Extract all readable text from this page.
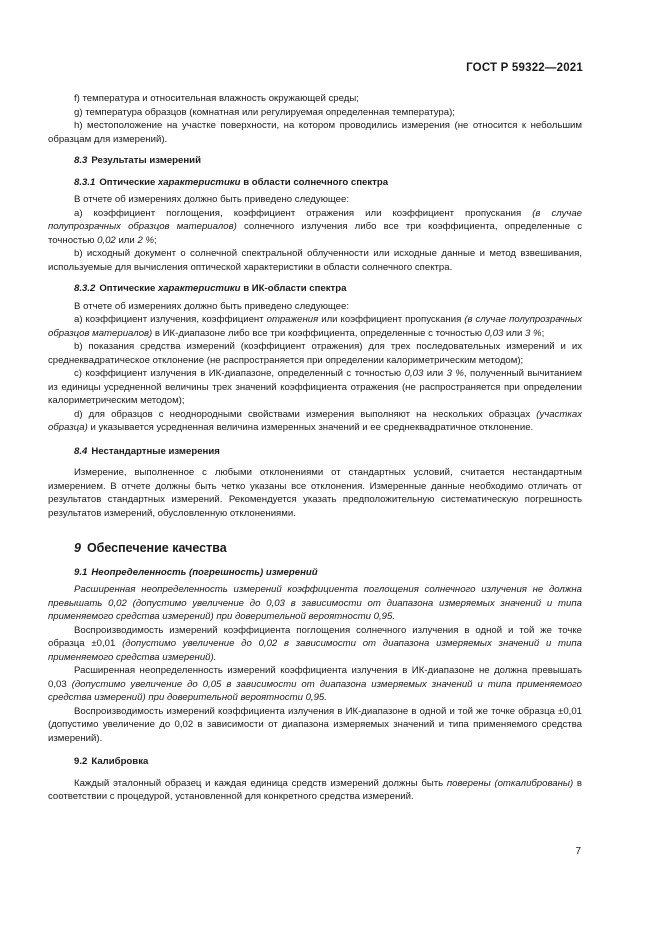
ГОСТ Р 59322—2021

f) температура и относительная влажность окружающей среды;

g) температура образцов (комнатная или регулируемая определенная температура);

h) местоположение на участке поверхности, на котором проводились измерения (не относится к небольшим образцам для измерений).

8.3 Результаты измерений
8.3.1 Оптические характеристики в области солнечного спектра

В отчете об измерениях должно быть приведено следующее:

а) коэффициент поглощения, коэффициент отражения или коэффициент пропускания (в случае полупрозрачных образцов материалов) солнечного излучения либо все три коэффициента, определенные с точностью 0,02 или 2 %;

b) исходный документ о солнечной спектральной облученности или исходные данные и метод взвешивания, используемые для вычисления оптической характеристики в области солнечного спектра.

8.3.2 Оптические характеристики в ИК-области спектра

В отчете об измерениях должно быть приведено следующее:

а) коэффициент излучения, коэффициент отражения или коэффициент пропускания (в случае полупрозрачных образцов материалов) в ИК-диапазоне либо все три коэффициента, определенные с точностью 0,03 или 3 %;

b) показания средства измерений (коэффициент отражения) для трех последовательных измерений и их среднеквадратическое отклонение (не распространяется при определении калориметрическим методом);

c) коэффициент излучения в ИК-диапазоне, определенный с точностью 0,03 или 3 %, полученный вычитанием из единицы усредненной величины трех значений коэффициента отражения (не распространяется при определении калориметрическим методом);

d) для образцов с неоднородными свойствами измерения выполняют на нескольких образцах (участках образца) и указывается усредненная величина измеренных значений и ее среднеквадратичное отклонение.

8.4 Нестандартные измерения

Измерение, выполненное с любыми отклонениями от стандартных условий, считается нестандартным измерением. В отчете должны быть четко указаны все отклонения. Измеренные данные необходимо отличать от результатов стандартных измерений. Рекомендуется указать предположительную систематическую погрешность результатов измерений, обусловленную отклонениями.

9 Обеспечение качества
9.1 Неопределенность (погрешность) измерений

Расширенная неопределенность измерений коэффициента поглощения солнечного излучения не должна превышать 0,02 (допустимо увеличение до 0,03 в зависимости от диапазона измеряемых значений и типа применяемого средства измерений) при доверительной вероятности 0,95.

Воспроизводимость измерений коэффициента поглощения солнечного излучения в одной и той же точке образца ±0,01 (допустимо увеличение до 0,02 в зависимости от диапазона измеряемых значений и типа применяемого средства измерений).

Расширенная неопределенность измерений коэффициента излучения в ИК-диапазоне не должна превышать 0,03 (допустимо увеличение до 0,05 в зависимости от диапазона измеряемых значений и типа применяемого средства измерений) при доверительной вероятности 0,95.

Воспроизводимость измерений коэффициента излучения в ИК-диапазоне в одной и той же точке образца ±0,01 (допустимо увеличение до 0,02 в зависимости от диапазона измеряемых значений и типа применяемого средства измерений).

9.2 Калибровка

Каждый эталонный образец и каждая единица средств измерений должны быть поверены (откалиброваны) в соответствии с процедурой, установленной для конкретного средства измерений.

7
